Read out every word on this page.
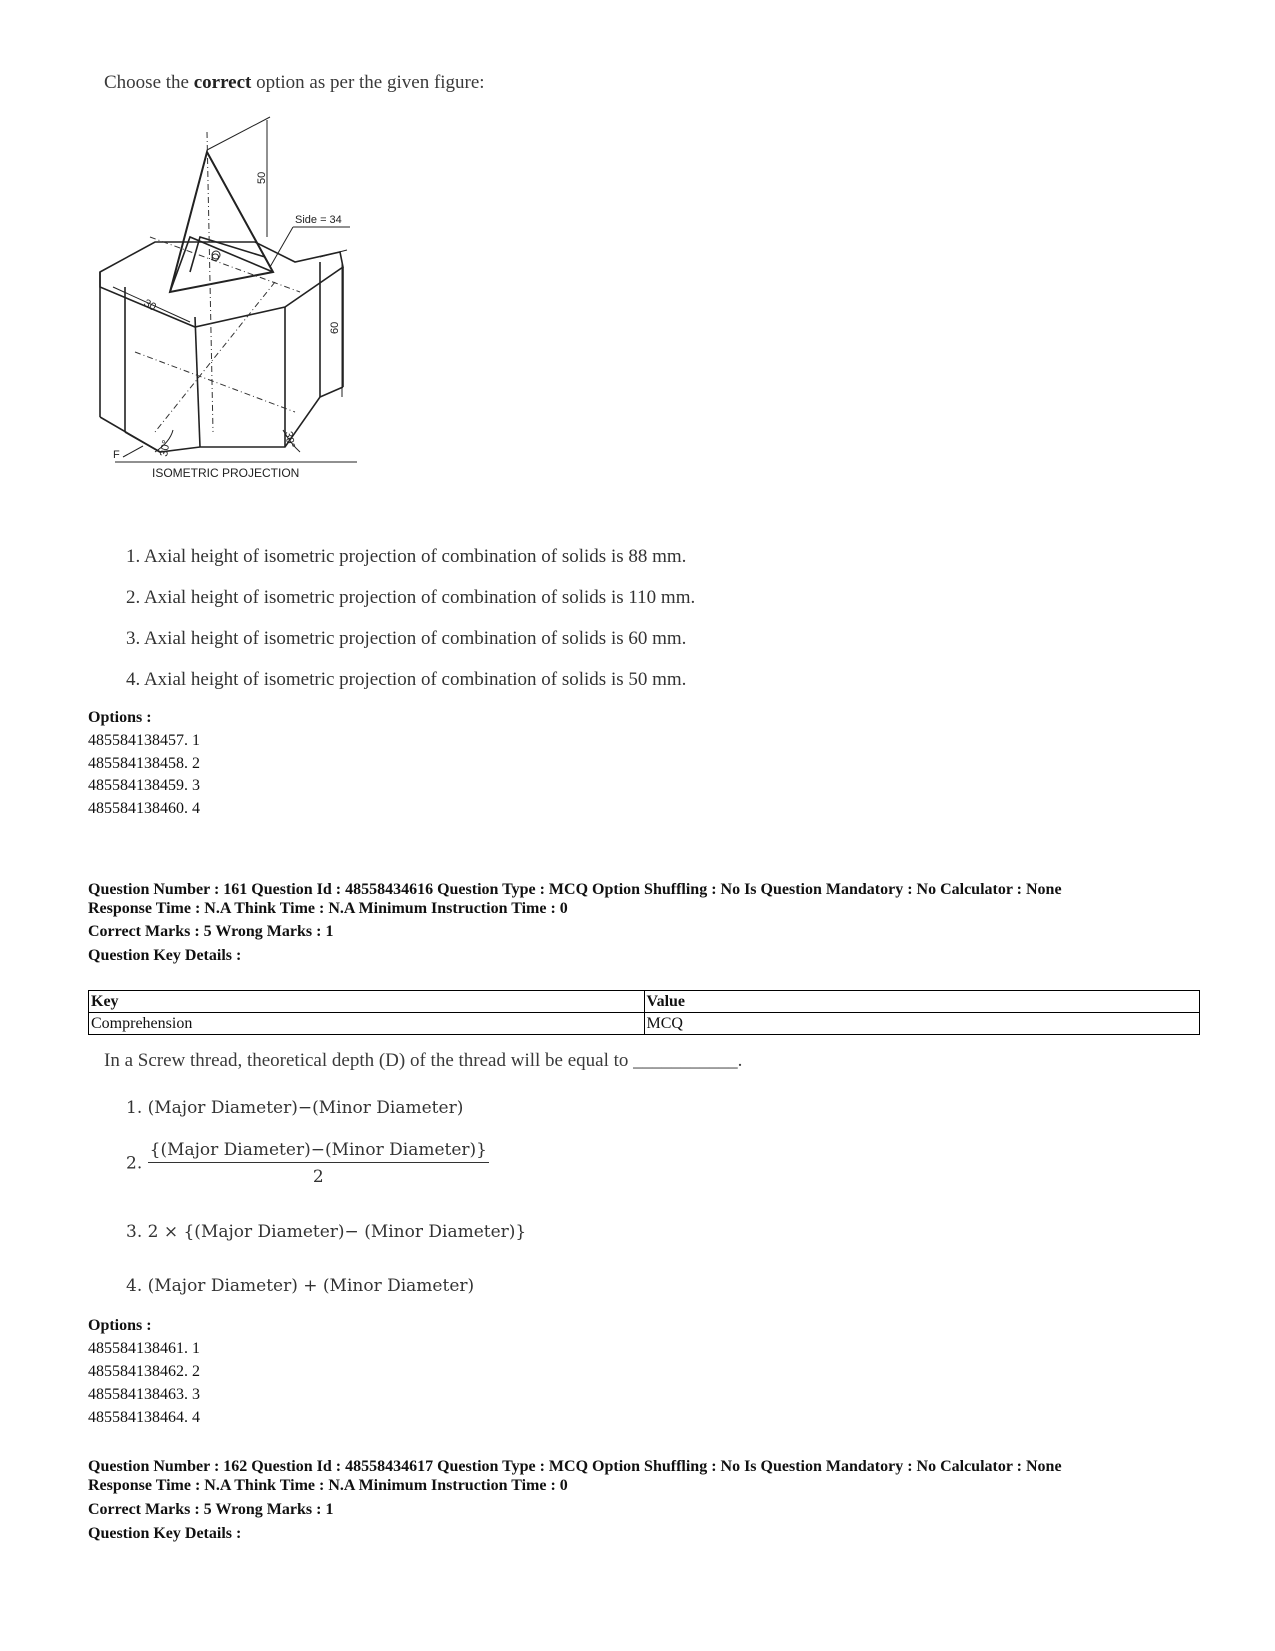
Choose the correct option as per the given figure:
50
Side = 34
O
30
60
30°	30°
F
ISOMETRIC PROJECTION
1. Axial height of isometric projection of combination of solids is 88 mm.
2. Axial height of isometric projection of combination of solids is 110 mm.
3. Axial height of isometric projection of combination of solids is 60 mm.
4. Axial height of isometric projection of combination of solids is 50 mm.
Options :
485584138457. 1
485584138458. 2
485584138459. 3
485584138460. 4
Question Number : 161 Question Id : 48558434616 Question Type : MCQ Option Shuffling : No Is Question Mandatory : No Calculator : None
Response Time : N.A Think Time : N.A Minimum Instruction Time : 0
Correct Marks : 5 Wrong Marks : 1
Question Key Details :
Key	Value
Comprehension	MCQ
In a Screw thread, theoretical depth (D) of the thread will be equal to ___________.
1. (Major Diameter)−(Minor Diameter)
2. $\frac{\text{\{(Major Diameter)−(Minor Diameter)\}}}{2}$
3. 2 × {(Major Diameter)− (Minor Diameter)}
4. (Major Diameter) + (Minor Diameter)
Options :
485584138461. 1
485584138462. 2
485584138463. 3
485584138464. 4
Question Number : 162 Question Id : 48558434617 Question Type : MCQ Option Shuffling : No Is Question Mandatory : No Calculator : None
Response Time : N.A Think Time : N.A Minimum Instruction Time : 0
Correct Marks : 5 Wrong Marks : 1
Question Key Details :
